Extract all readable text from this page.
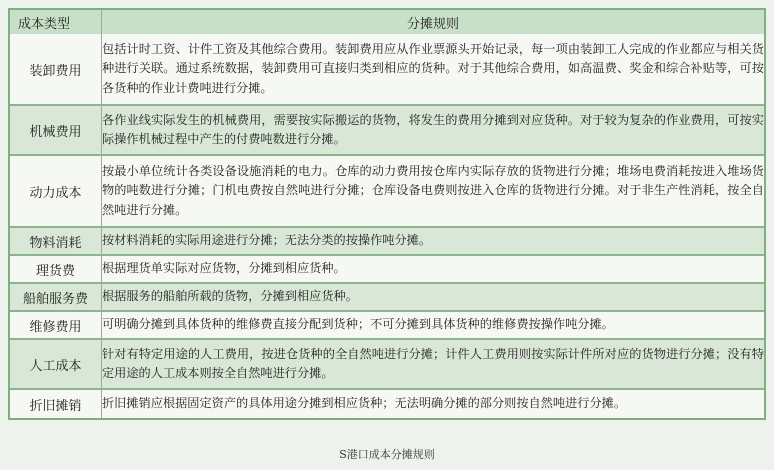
成本类型	分摊规则
装卸费用	包括计时工资、计件工资及其他综合费用。装卸费用应从作业票源头开始记录，每一项由装卸工人完成的作业都应与相关货种进行关联。通过系统数据，装卸费用可直接归类到相应的货种。对于其他综合费用，如高温费、奖金和综合补贴等，可按各货种的作业计费吨进行分摊。
机械费用	各作业线实际发生的机械费用，需要按实际搬运的货物，将发生的费用分摊到对应货种。对于较为复杂的作业费用，可按实际操作机械过程中产生的付费吨数进行分摊。
动力成本	按最小单位统计各类设备设施消耗的电力。仓库的动力费用按仓库内实际存放的货物进行分摊；堆场电费消耗按进入堆场货物的吨数进行分摊；门机电费按自然吨进行分摊；仓库设备电费则按进入仓库的货物进行分摊。对于非生产性消耗，按全自然吨进行分摊。
物料消耗	按材料消耗的实际用途进行分摊；无法分类的按操作吨分摊。
理货费	根据理货单实际对应货物，分摊到相应货种。
船舶服务费	根据服务的船舶所载的货物，分摊到相应货种。
维修费用	可明确分摊到具体货种的维修费直接分配到货种；不可分摊到具体货种的维修费按操作吨分摊。
人工成本	针对有特定用途的人工费用，按进仓货种的全自然吨进行分摊；计件人工费用则按实际计件所对应的货物进行分摊；没有特定用途的人工成本则按全自然吨进行分摊。
折旧摊销	折旧摊销应根据固定资产的具体用途分摊到相应货种；无法明确分摊的部分则按自然吨进行分摊。
S港口成本分摊规则
